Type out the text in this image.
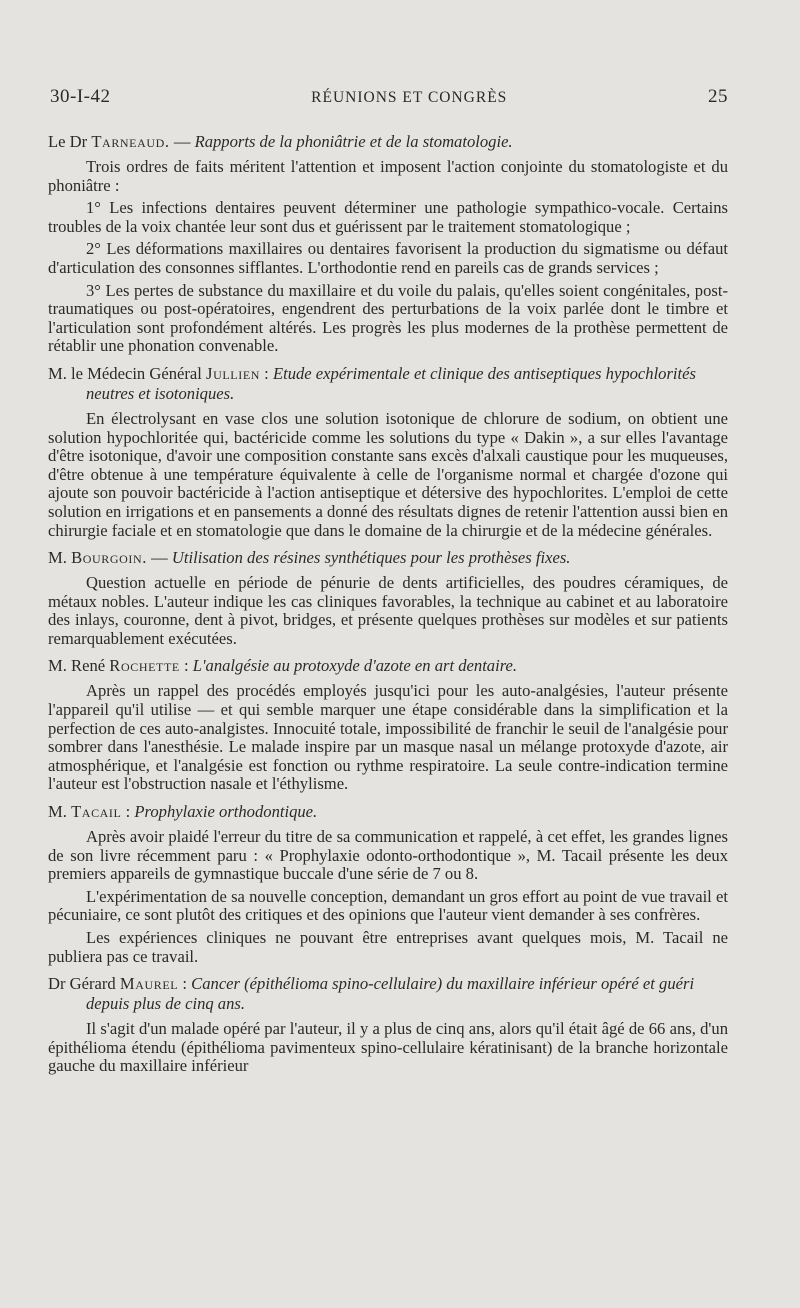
30-I-42	RÉUNIONS ET CONGRÈS	25
Le Dr Tarneaud. — Rapports de la phoniâtrie et de la stomatologie.

Trois ordres de faits méritent l'attention et imposent l'action conjointe du stomatologiste et du phoniâtre :

1° Les infections dentaires peuvent déterminer une pathologie sympathico-vocale. Certains troubles de la voix chantée leur sont dus et guérissent par le traitement stomatologique ;

2° Les déformations maxillaires ou dentaires favorisent la production du sigmatisme ou défaut d'articulation des consonnes sifflantes. L'orthodontie rend en pareils cas de grands services ;

3° Les pertes de substance du maxillaire et du voile du palais, qu'elles soient congénitales, post-traumatiques ou post-opératoires, engendrent des perturbations de la voix parlée dont le timbre et l'articulation sont profondément altérés. Les progrès les plus modernes de la prothèse permettent de rétablir une phonation convenable.

M. le Médecin Général Jullien : Etude expérimentale et clinique des antiseptiques hypochlorités neutres et isotoniques.

En électrolysant en vase clos une solution isotonique de chlorure de sodium, on obtient une solution hypochloritée qui, bactéricide comme les solutions du type « Dakin », a sur elles l'avantage d'être isotonique, d'avoir une composition constante sans excès d'alxali caustique pour les muqueuses, d'être obtenue à une température équivalente à celle de l'organisme normal et chargée d'ozone qui ajoute son pouvoir bactéricide à l'action antiseptique et détersive des hypochlorites. L'emploi de cette solution en irrigations et en pansements a donné des résultats dignes de retenir l'attention aussi bien en chirurgie faciale et en stomatologie que dans le domaine de la chirurgie et de la médecine générales.

M. Bourgoin. — Utilisation des résines synthétiques pour les prothèses fixes.

Question actuelle en période de pénurie de dents artificielles, des poudres céramiques, de métaux nobles. L'auteur indique les cas cliniques favorables, la technique au cabinet et au laboratoire des inlays, couronne, dent à pivot, bridges, et présente quelques prothèses sur modèles et sur patients remarquablement exécutées.

M. René Rochette : L'analgésie au protoxyde d'azote en art dentaire.

Après un rappel des procédés employés jusqu'ici pour les auto-analgésies, l'auteur présente l'appareil qu'il utilise — et qui semble marquer une étape considérable dans la simplification et la perfection de ces auto-analgistes. Innocuité totale, impossibilité de franchir le seuil de l'analgésie pour sombrer dans l'anesthésie. Le malade inspire par un masque nasal un mélange protoxyde d'azote, air atmosphérique, et l'analgésie est fonction ou rythme respiratoire. La seule contre-indication termine l'auteur est l'obstruction nasale et l'éthylisme.

M. Tacail : Prophylaxie orthodontique.

Après avoir plaidé l'erreur du titre de sa communication et rappelé, à cet effet, les grandes lignes de son livre récemment paru : « Prophylaxie odonto-orthodontique », M. Tacail présente les deux premiers appareils de gymnastique buccale d'une série de 7 ou 8.

L'expérimentation de sa nouvelle conception, demandant un gros effort au point de vue travail et pécuniaire, ce sont plutôt des critiques et des opinions que l'auteur vient demander à ses confrères.

Les expériences cliniques ne pouvant être entreprises avant quelques mois, M. Tacail ne publiera pas ce travail.

Dr Gérard Maurel : Cancer (épithélioma spino-cellulaire) du maxillaire inférieur opéré et guéri depuis plus de cinq ans.

Il s'agit d'un malade opéré par l'auteur, il y a plus de cinq ans, alors qu'il était âgé de 66 ans, d'un épithélioma étendu (épithélioma pavimenteux spino-cellulaire kératinisant) de la branche horizontale gauche du maxillaire inférieur
